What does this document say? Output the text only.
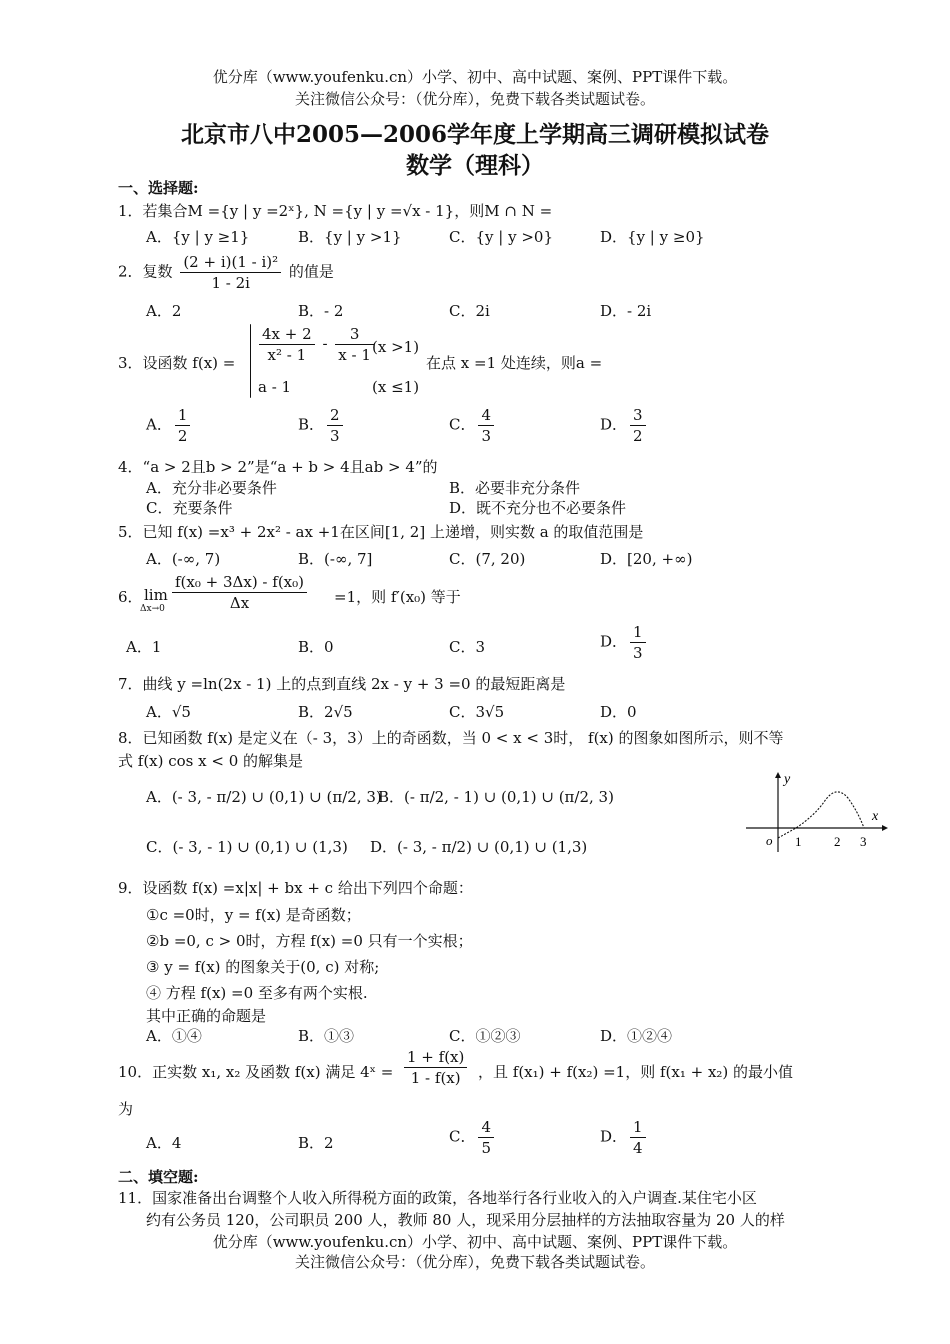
优分库（www.youfenku.cn）小学、初中、高中试题、案例、PPT课件下载。
关注微信公众号：（优分库），免费下载各类试题试卷。
北京市八中2005—2006学年度上学期高三调研模拟试卷
数学（理科）
一、选择题:
1．若集合M ={y | y =2ˣ}, N ={y | y =√x - 1}，则M ∩ N =
A．{y | y ≥1}	B．{y | y >1}	C．{y | y >0}	D．{y | y ≥0}
2．复数 $\frac{\text{(2 + i)(1 - i)²}}{1 - 2i}$ 的值是
A．2	B．- 2	C．2i	D．- 2i
3．设函数 $f(x) = \frac{4x + 2}{\text{x² - 1}} - \frac{3}{x - 1}$
(x >1)
a - 1	(x ≤1)
在点 x =1 处连续，则a =
A． $\frac{1}{2}$	B． $\frac{2}{3}$	C． $\frac{4}{3}$	D． $\frac{3}{2}$
4．“a > 2且b > 2”是“a + b > 4且ab > 4”的
A．充分非必要条件	B．必要非充分条件
C．充要条件	D．既不充分也不必要条件
5．已知 f(x) =x³ + 2x² - ax +1在区间[1, 2] 上递增，则实数 a 的取值范围是
A．(-∞, 7)	B．(-∞, 7]	C．(7, 20)	D．[20, +∞)
6． lim
$\Delta x\to 0 \frac{\text{f(x₀ + 3Δx) - f(x₀)}}{\Delta x} =1$，则 f′(x₀) 等于
A．1	B．0	C．3	D． $\frac{1}{3}$
7．曲线 y =ln(2x - 1) 上的点到直线 2x - y + 3 =0 的最短距离是
A．√5	B．2√5	C．3√5	D．0
8．已知函数 f(x) 是定义在（- 3，3）上的奇函数，当 0 < x < 3时， f(x) 的图象如图所示，则不等
式 f(x) cos x < 0 的解集是
A．(- 3, - π/2) ∪ (0,1) ∪ (π/2, 3)
B．(- π/2, - 1) ∪ (0,1) ∪ (π/2, 3)
C．(- 3, - 1) ∪ (0,1) ∪ (1,3) D．(- 3, - π/2) ∪ (0,1) ∪ (1,3)
y
x
o 1	2 3
9．设函数 f(x) =x|x| + bx + c 给出下列四个命题：
①c =0时，y = f(x) 是奇函数；
②b =0, c > 0时，方程 f(x) =0 只有一个实根；
③ y = f(x) 的图象关于(0, c) 对称;
④ 方程 f(x) =0 至多有两个实根.
其中正确的命题是
A．①④	B．①③	C．①②③	D．①②④
10．正实数 x₁, x₂ 及函数 f(x) 满足 4ˣ = $\frac{1 + f(x)}{1 - f(x)}$ ，且 f(x₁) + f(x₂) =1，则 f(x₁ + x₂) 的最小值
为
A．4	B．2	C． $\frac{4}{5}$	D． $\frac{1}{4}$
二、填空题:
11．国家准备出台调整个人收入所得税方面的政策，各地举行各行业收入的入户调查.某住宅小区
约有公务员 120，公司职员 200 人，教师 80 人，现采用分层抽样的方法抽取容量为 20 人的样
优分库（www.youfenku.cn）小学、初中、高中试题、案例、PPT课件下载。
关注微信公众号：（优分库），免费下载各类试题试卷。
